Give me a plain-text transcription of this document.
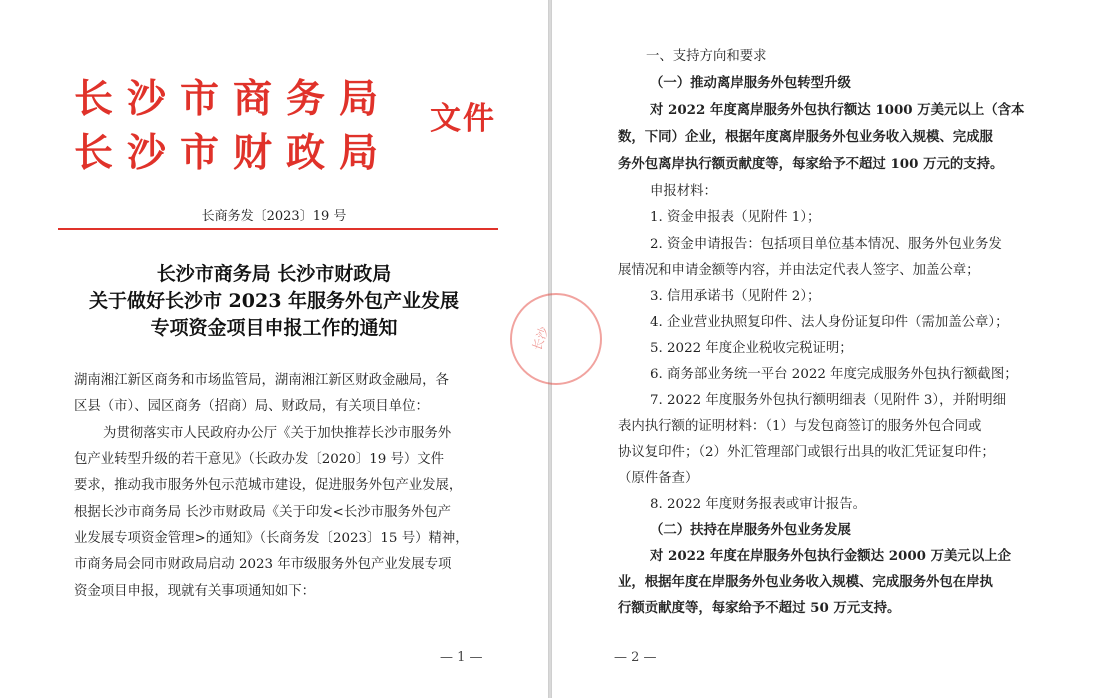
长沙市商务局
长沙市财政局
文件
长商务发〔2023〕19 号
长沙市商务局 长沙市财政局
关于做好长沙市 2023 年服务外包产业发展
专项资金项目申报工作的通知
湖南湘江新区商务和市场监管局，湖南湘江新区财政金融局，各
区县（市）、园区商务（招商）局、财政局，有关项目单位：
为贯彻落实市人民政府办公厅《关于加快推荐长沙市服务外
包产业转型升级的若干意见》（长政办发〔2020〕19 号）文件
要求，推动我市服务外包示范城市建设，促进服务外包产业发展，
根据长沙市商务局 长沙市财政局《关于印发<长沙市服务外包产
业发展专项资金管理>的通知》（长商务发〔2023〕15 号）精神，
市商务局会同市财政局启动 2023 年市级服务外包产业发展专项
资金项目申报，现就有关事项通知如下：
— 1 —
一、支持方向和要求
（一）推动离岸服务外包转型升级
对 2022 年度离岸服务外包执行额达 1000 万美元以上（含本
数，下同）企业，根据年度离岸服务外包业务收入规模、完成服
务外包离岸执行额贡献度等，每家给予不超过 100 万元的支持。
申报材料：
1. 资金申报表（见附件 1）；
2. 资金申请报告：包括项目单位基本情况、服务外包业务发
展情况和申请金额等内容，并由法定代表人签字、加盖公章；
3. 信用承诺书（见附件 2）；
4. 企业营业执照复印件、法人身份证复印件（需加盖公章）；
5. 2022 年度企业税收完税证明；
6. 商务部业务统一平台 2022 年度完成服务外包执行额截图；
7. 2022 年度服务外包执行额明细表（见附件 3），并附明细
表内执行额的证明材料：（1）与发包商签订的服务外包合同或
协议复印件；（2）外汇管理部门或银行出具的收汇凭证复印件；
（原件备查）
8. 2022 年度财务报表或审计报告。
（二）扶持在岸服务外包业务发展
对 2022 年度在岸服务外包执行金额达 2000 万美元以上企
业，根据年度在岸服务外包业务收入规模、完成服务外包在岸执
行额贡献度等，每家给予不超过 50 万元支持。
— 2 —
长沙
